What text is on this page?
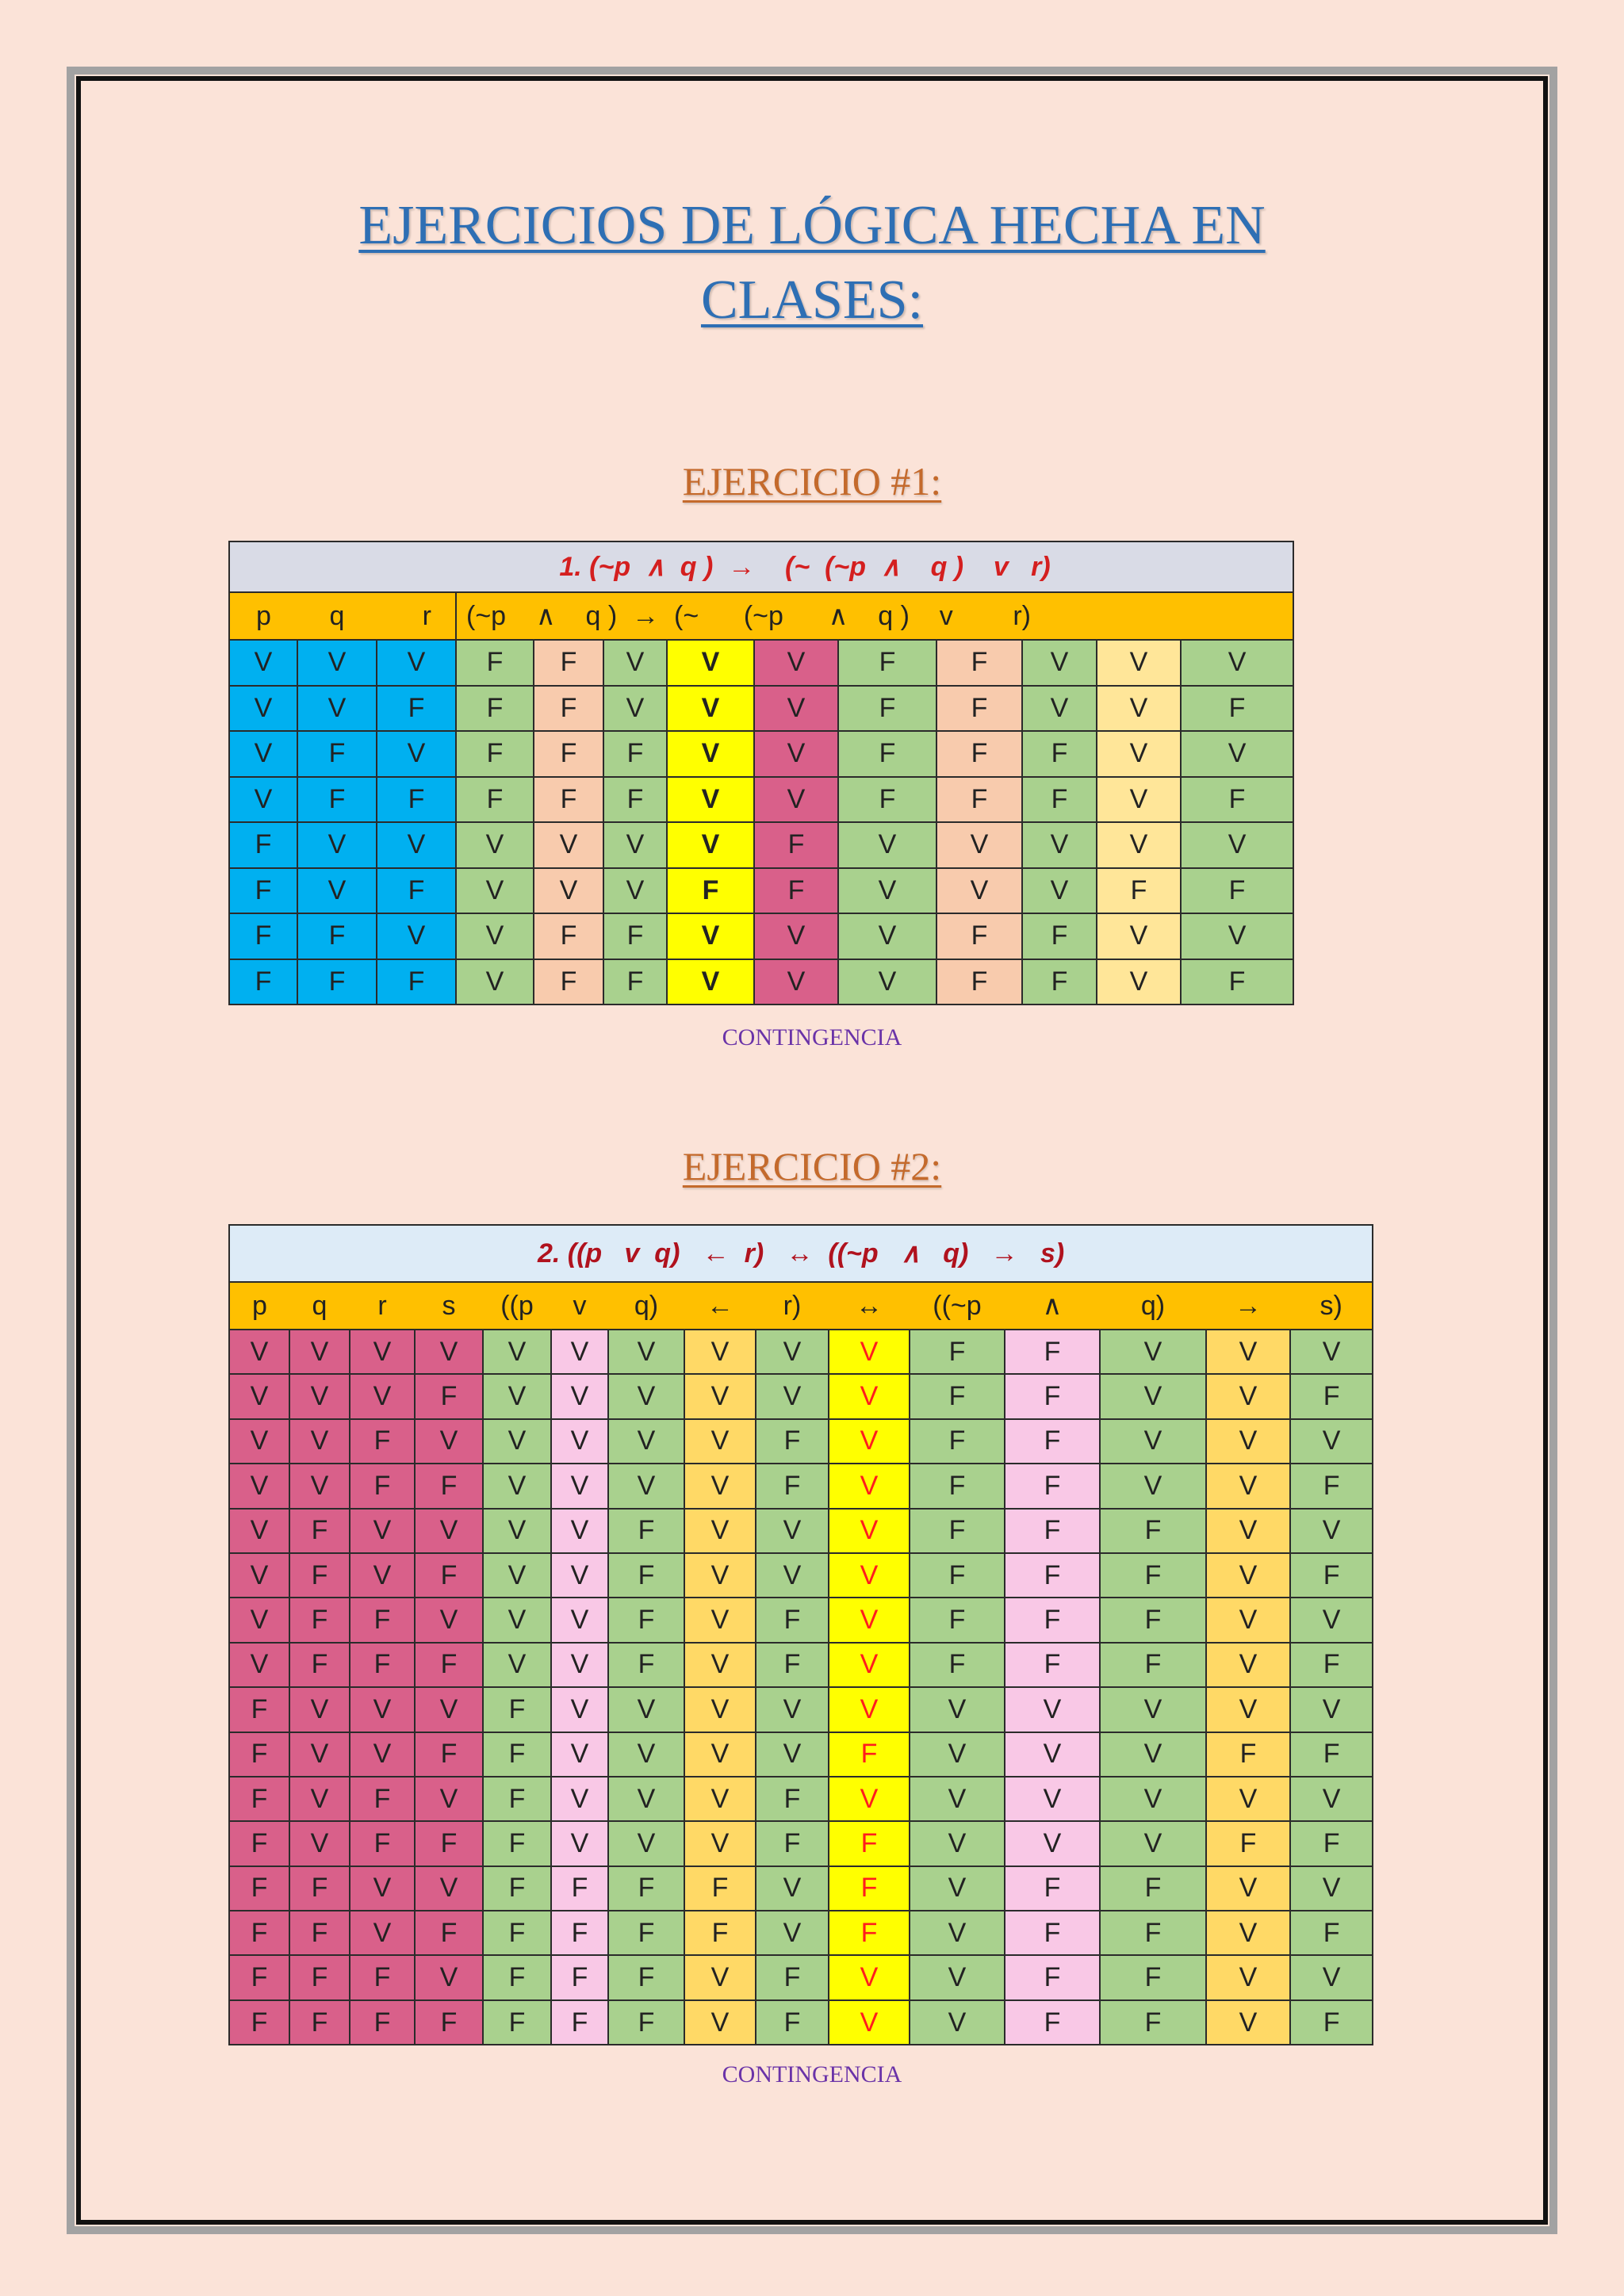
EJERCICIOS DE LÓGICA HECHA EN CLASES:
EJERCICIO #1:
1. (~p  ∧  q )  →    (~  (~p  ∧    q )    v   r)												
p	q	r	(~p    ∧    q )  →  (~      (~p      ∧    q )    v        r)									
V	V	V	F	F	V	V	V	F	F	V	V	V
V	V	F	F	F	V	V	V	F	F	V	V	F
V	F	V	F	F	F	V	V	F	F	F	V	V
V	F	F	F	F	F	V	V	F	F	F	V	F
F	V	V	V	V	V	V	F	V	V	V	V	V
F	V	F	V	V	V	F	F	V	V	V	F	F
F	F	V	V	F	F	V	V	V	F	F	V	V
F	F	F	V	F	F	V	V	V	F	F	V	F
CONTINGENCIA
EJERCICIO #2:
2. ((p   v  q)   ←  r)   ↔  ((~p   ∧   q)   →   s)														
p	q	r	s	((p	v	q)	←	r)	↔	((~p	∧	q)	→	s)
V	V	V	V	V	V	V	V	V	V	F	F	V	V	V
V	V	V	F	V	V	V	V	V	V	F	F	V	V	F
V	V	F	V	V	V	V	V	F	V	F	F	V	V	V
V	V	F	F	V	V	V	V	F	V	F	F	V	V	F
V	F	V	V	V	V	F	V	V	V	F	F	F	V	V
V	F	V	F	V	V	F	V	V	V	F	F	F	V	F
V	F	F	V	V	V	F	V	F	V	F	F	F	V	V
V	F	F	F	V	V	F	V	F	V	F	F	F	V	F
F	V	V	V	F	V	V	V	V	V	V	V	V	V	V
F	V	V	F	F	V	V	V	V	F	V	V	V	F	F
F	V	F	V	F	V	V	V	F	V	V	V	V	V	V
F	V	F	F	F	V	V	V	F	F	V	V	V	F	F
F	F	V	V	F	F	F	F	V	F	V	F	F	V	V
F	F	V	F	F	F	F	F	V	F	V	F	F	V	F
F	F	F	V	F	F	F	V	F	V	V	F	F	V	V
F	F	F	F	F	F	F	V	F	V	V	F	F	V	F
CONTINGENCIA
